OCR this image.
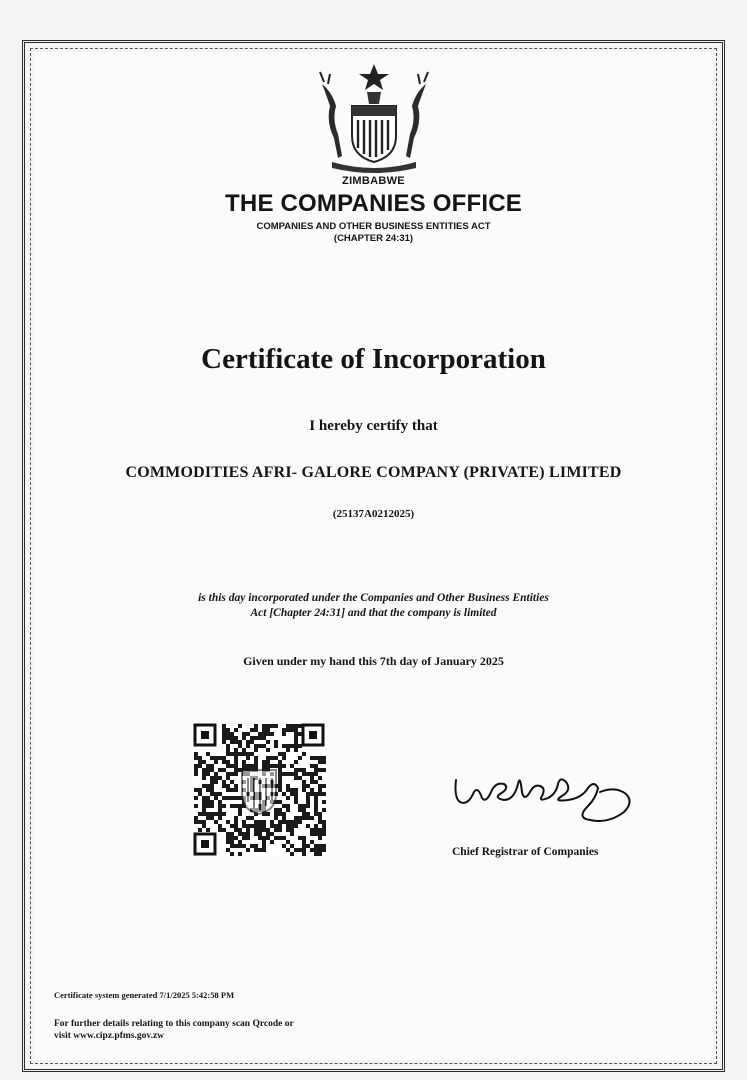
ZIMBABWE
THE COMPANIES OFFICE
COMPANIES AND OTHER BUSINESS ENTITIES ACT
(CHAPTER 24:31)
Certificate of Incorporation
I hereby certify that
COMMODITIES AFRI- GALORE COMPANY (PRIVATE) LIMITED
(25137A0212025)
is this day incorporated under the Companies and Other Business Entities
Act [Chapter 24:31] and that the company is limited
Given under my hand this 7th day of January 2025
Chief Registrar of Companies
Certificate system generated 7/1/2025 5:42:58 PM
For further details relating to this company scan Qrcode or
visit www.cipz.pfms.gov.zw
